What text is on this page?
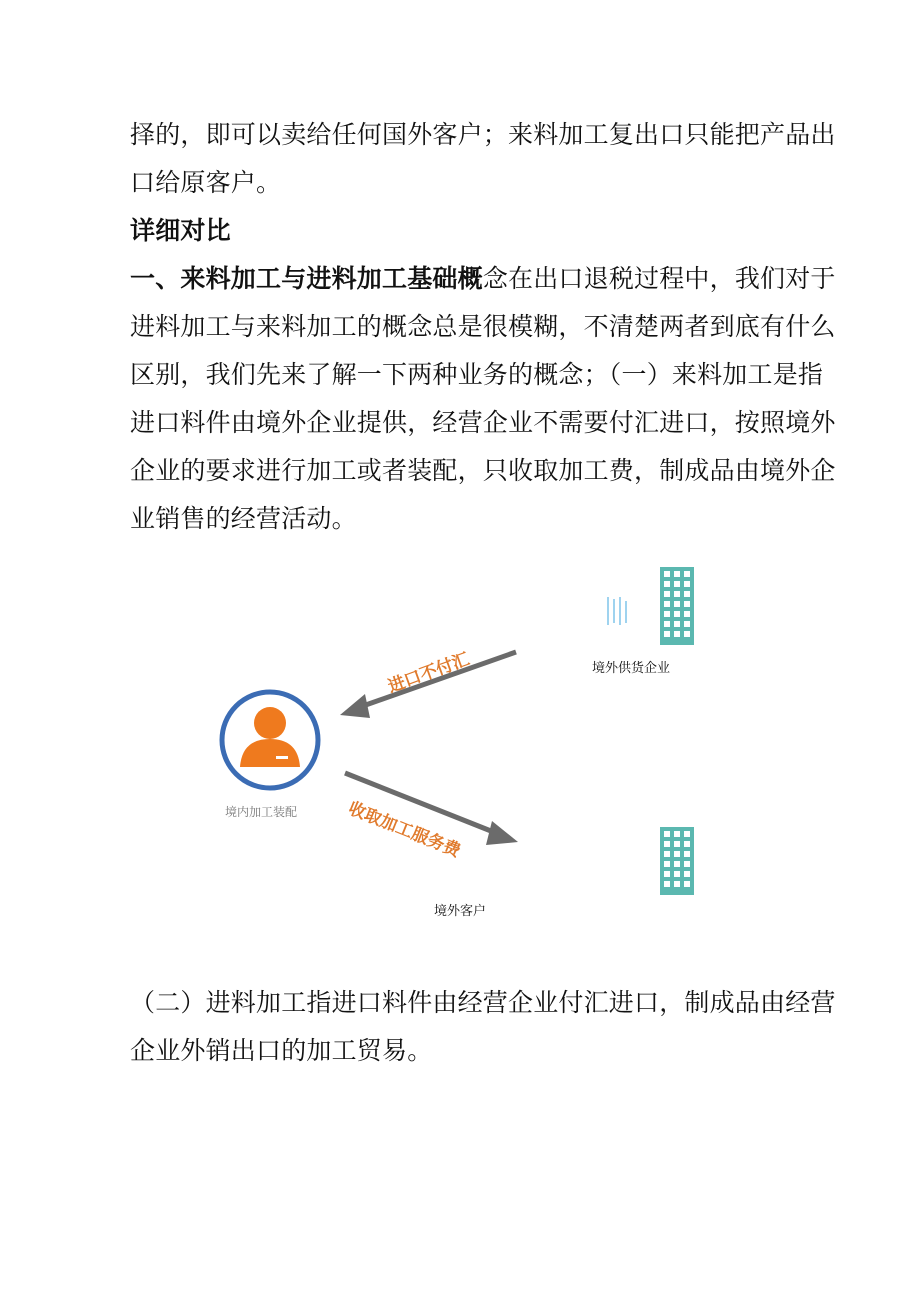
择的，即可以卖给任何国外客户；来料加工复出口只能把产品出
口给原客户。
详细对比
一、来料加工与进料加工基础概念在出口退税过程中，我们对于
进料加工与来料加工的概念总是很模糊，不清楚两者到底有什么
区别，我们先来了解一下两种业务的概念；（一）来料加工是指
进口料件由境外企业提供，经营企业不需要付汇进口，按照境外
企业的要求进行加工或者装配，只收取加工费，制成品由境外企
业销售的经营活动。
境外供货企业
境内加工装配
境外客户
进口不付汇
收取加工服务费
（二）进料加工指进口料件由经营企业付汇进口，制成品由经营
企业外销出口的加工贸易。
